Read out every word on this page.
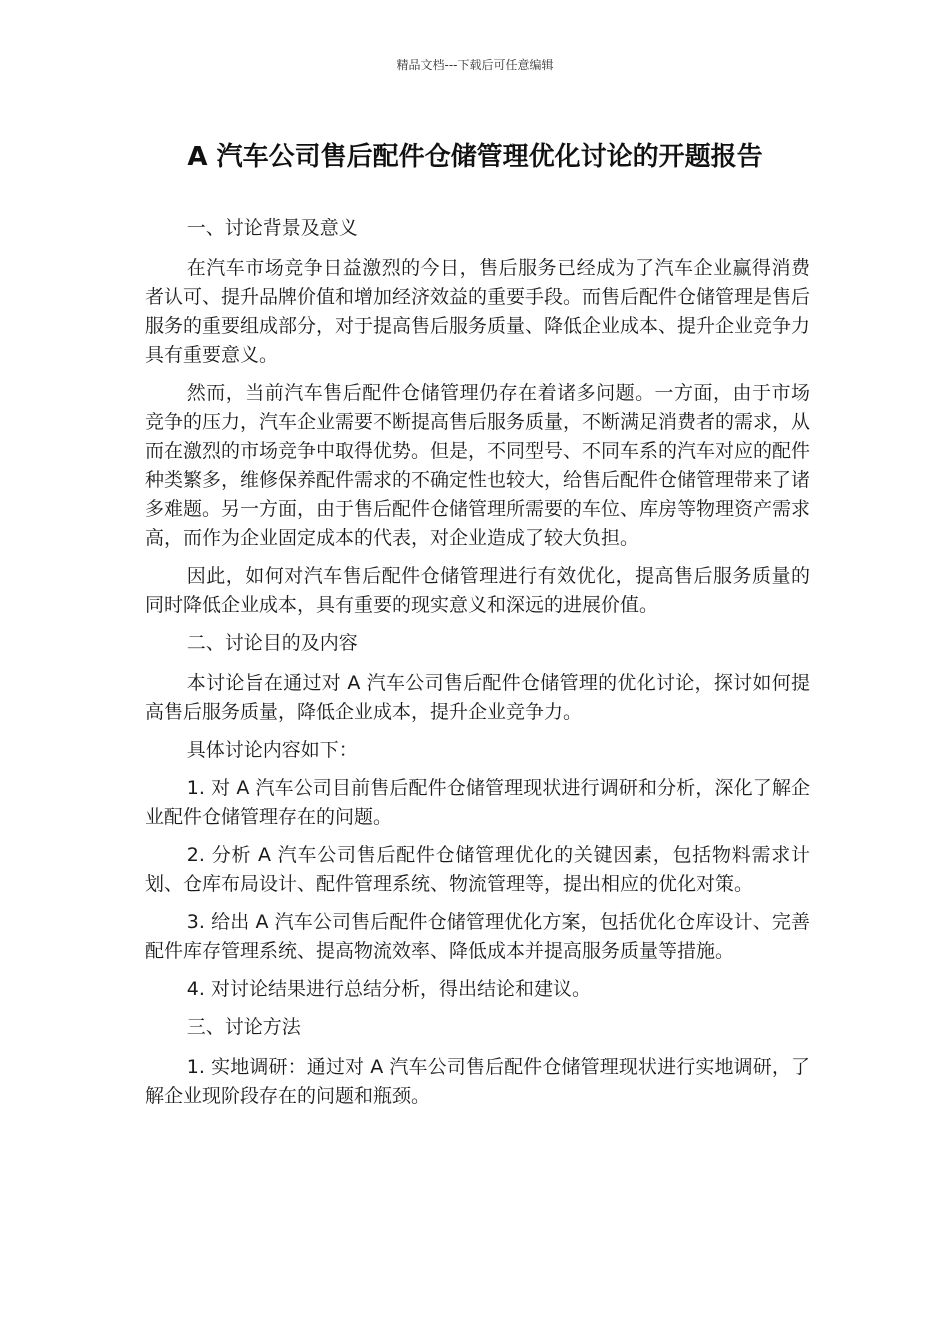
精品文档---下载后可任意编辑
A 汽车公司售后配件仓储管理优化讨论的开题报告

一、讨论背景及意义

在汽车市场竞争日益激烈的今日，售后服务已经成为了汽车企业赢得消费者认可、提升品牌价值和增加经济效益的重要手段。而售后配件仓储管理是售后服务的重要组成部分，对于提高售后服务质量、降低企业成本、提升企业竞争力具有重要意义。

然而，当前汽车售后配件仓储管理仍存在着诸多问题。一方面，由于市场竞争的压力，汽车企业需要不断提高售后服务质量，不断满足消费者的需求，从而在激烈的市场竞争中取得优势。但是，不同型号、不同车系的汽车对应的配件种类繁多，维修保养配件需求的不确定性也较大，给售后配件仓储管理带来了诸多难题。另一方面，由于售后配件仓储管理所需要的车位、库房等物理资产需求高，而作为企业固定成本的代表，对企业造成了较大负担。

因此，如何对汽车售后配件仓储管理进行有效优化，提高售后服务质量的同时降低企业成本，具有重要的现实意义和深远的进展价值。

二、讨论目的及内容

本讨论旨在通过对 A 汽车公司售后配件仓储管理的优化讨论，探讨如何提高售后服务质量，降低企业成本，提升企业竞争力。

具体讨论内容如下：

1. 对 A 汽车公司目前售后配件仓储管理现状进行调研和分析，深化了解企业配件仓储管理存在的问题。

2. 分析 A 汽车公司售后配件仓储管理优化的关键因素，包括物料需求计划、仓库布局设计、配件管理系统、物流管理等，提出相应的优化对策。

3. 给出 A 汽车公司售后配件仓储管理优化方案，包括优化仓库设计、完善配件库存管理系统、提高物流效率、降低成本并提高服务质量等措施。

4. 对讨论结果进行总结分析，得出结论和建议。

三、讨论方法

1. 实地调研：通过对 A 汽车公司售后配件仓储管理现状进行实地调研，了解企业现阶段存在的问题和瓶颈。
